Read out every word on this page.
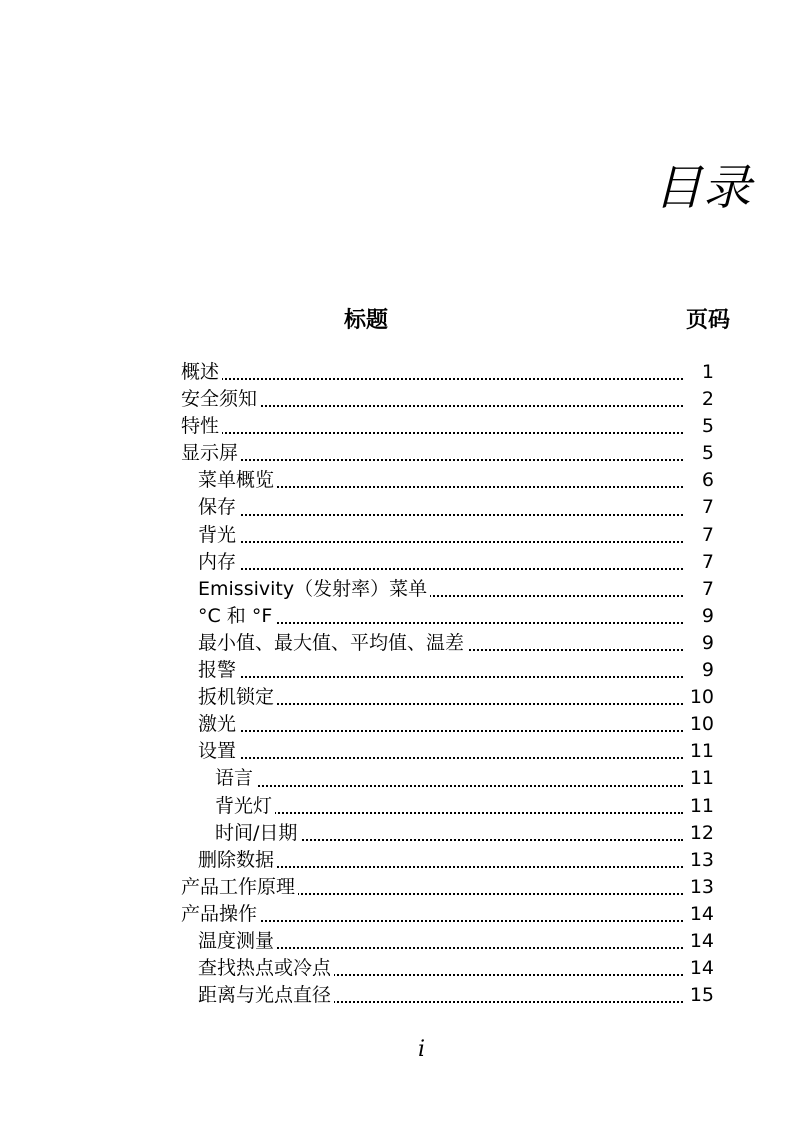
目录
标题	页码
概述	1
安全须知	2
特性	5
显示屏	5
菜单概览	6
保存	7
背光	7
内存	7
Emissivity（发射率）菜单	7
°C 和 °F	9
最小值、最大值、平均值、温差	9
报警	9
扳机锁定	10
激光	10
设置	11
语言	11
背光灯	11
时间/日期	12
删除数据	13
产品工作原理	13
产品操作	14
温度测量	14
查找热点或冷点	14
距离与光点直径	15
i
